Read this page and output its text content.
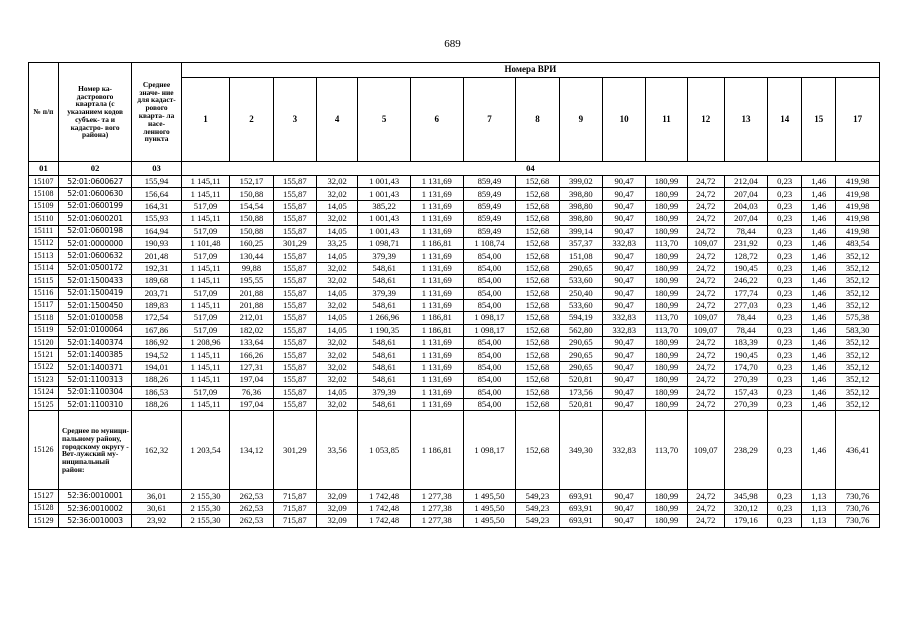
689
№ п/п	Номер ка- дастрового квартала (с указанием кодов субъек- та и кадастро- вого района)	Среднее значе- ние для кадаст- рового кварта- ла насе- ленного пункта	Номера ВРИ															
			1	2	3	4	5	6	7	8	9	10	11	12	13	14	15	17
01	02	03	04															
15107	52:01:0600627	155,94	1 145,11	152,17	155,87	32,02	1 001,43	1 131,69	859,49	152,68	399,02	90,47	180,99	24,72	212,04	0,23	1,46	419,98
15108	52:01:0600630	156,64	1 145,11	150,88	155,87	32,02	1 001,43	1 131,69	859,49	152,68	398,80	90,47	180,99	24,72	207,04	0,23	1,46	419,98
15109	52:01:0600199	164,31	517,09	154,54	155,87	14,05	385,22	1 131,69	859,49	152,68	398,80	90,47	180,99	24,72	204,03	0,23	1,46	419,98
15110	52:01:0600201	155,93	1 145,11	150,88	155,87	32,02	1 001,43	1 131,69	859,49	152,68	398,80	90,47	180,99	24,72	207,04	0,23	1,46	419,98
15111	52:01:0600198	164,94	517,09	150,88	155,87	14,05	1 001,43	1 131,69	859,49	152,68	399,14	90,47	180,99	24,72	78,44	0,23	1,46	419,98
15112	52:01:0000000	190,93	1 101,48	160,25	301,29	33,25	1 098,71	1 186,81	1 108,74	152,68	357,37	332,83	113,70	109,07	231,92	0,23	1,46	483,54
15113	52:01:0600632	201,48	517,09	130,44	155,87	14,05	379,39	1 131,69	854,00	152,68	151,08	90,47	180,99	24,72	128,72	0,23	1,46	352,12
15114	52:01:0500172	192,31	1 145,11	99,88	155,87	32,02	548,61	1 131,69	854,00	152,68	290,65	90,47	180,99	24,72	190,45	0,23	1,46	352,12
15115	52:01:1500433	189,68	1 145,11	195,55	155,87	32,02	548,61	1 131,69	854,00	152,68	533,60	90,47	180,99	24,72	246,22	0,23	1,46	352,12
15116	52:01:1500419	203,71	517,09	201,88	155,87	14,05	379,39	1 131,69	854,00	152,68	250,40	90,47	180,99	24,72	177,74	0,23	1,46	352,12
15117	52:01:1500450	189,83	1 145,11	201,88	155,87	32,02	548,61	1 131,69	854,00	152,68	533,60	90,47	180,99	24,72	277,03	0,23	1,46	352,12
15118	52:01:0100058	172,54	517,09	212,01	155,87	14,05	1 266,96	1 186,81	1 098,17	152,68	594,19	332,83	113,70	109,07	78,44	0,23	1,46	575,38
15119	52:01:0100064	167,86	517,09	182,02	155,87	14,05	1 190,35	1 186,81	1 098,17	152,68	562,80	332,83	113,70	109,07	78,44	0,23	1,46	583,30
15120	52:01:1400374	186,92	1 208,96	133,64	155,87	32,02	548,61	1 131,69	854,00	152,68	290,65	90,47	180,99	24,72	183,39	0,23	1,46	352,12
15121	52:01:1400385	194,52	1 145,11	166,26	155,87	32,02	548,61	1 131,69	854,00	152,68	290,65	90,47	180,99	24,72	190,45	0,23	1,46	352,12
15122	52:01:1400371	194,01	1 145,11	127,31	155,87	32,02	548,61	1 131,69	854,00	152,68	290,65	90,47	180,99	24,72	174,70	0,23	1,46	352,12
15123	52:01:1100313	188,26	1 145,11	197,04	155,87	32,02	548,61	1 131,69	854,00	152,68	520,81	90,47	180,99	24,72	270,39	0,23	1,46	352,12
15124	52:01:1100304	186,53	517,09	76,36	155,87	14,05	379,39	1 131,69	854,00	152,68	173,56	90,47	180,99	24,72	157,43	0,23	1,46	352,12
15125	52:01:1100310	188,26	1 145,11	197,04	155,87	32,02	548,61	1 131,69	854,00	152,68	520,81	90,47	180,99	24,72	270,39	0,23	1,46	352,12
15126	Среднее по муници-пальному району, городскому округу - Вет-лужский му-ниципальный район:	162,32	1 203,54	134,12	301,29	33,56	1 053,85	1 186,81	1 098,17	152,68	349,30	332,83	113,70	109,07	238,29	0,23	1,46	436,41
15127	52:36:0010001	36,01	2 155,30	262,53	715,87	32,09	1 742,48	1 277,38	1 495,50	549,23	693,91	90,47	180,99	24,72	345,98	0,23	1,13	730,76
15128	52:36:0010002	30,61	2 155,30	262,53	715,87	32,09	1 742,48	1 277,38	1 495,50	549,23	693,91	90,47	180,99	24,72	320,12	0,23	1,13	730,76
15129	52:36:0010003	23,92	2 155,30	262,53	715,87	32,09	1 742,48	1 277,38	1 495,50	549,23	693,91	90,47	180,99	24,72	179,16	0,23	1,13	730,76
